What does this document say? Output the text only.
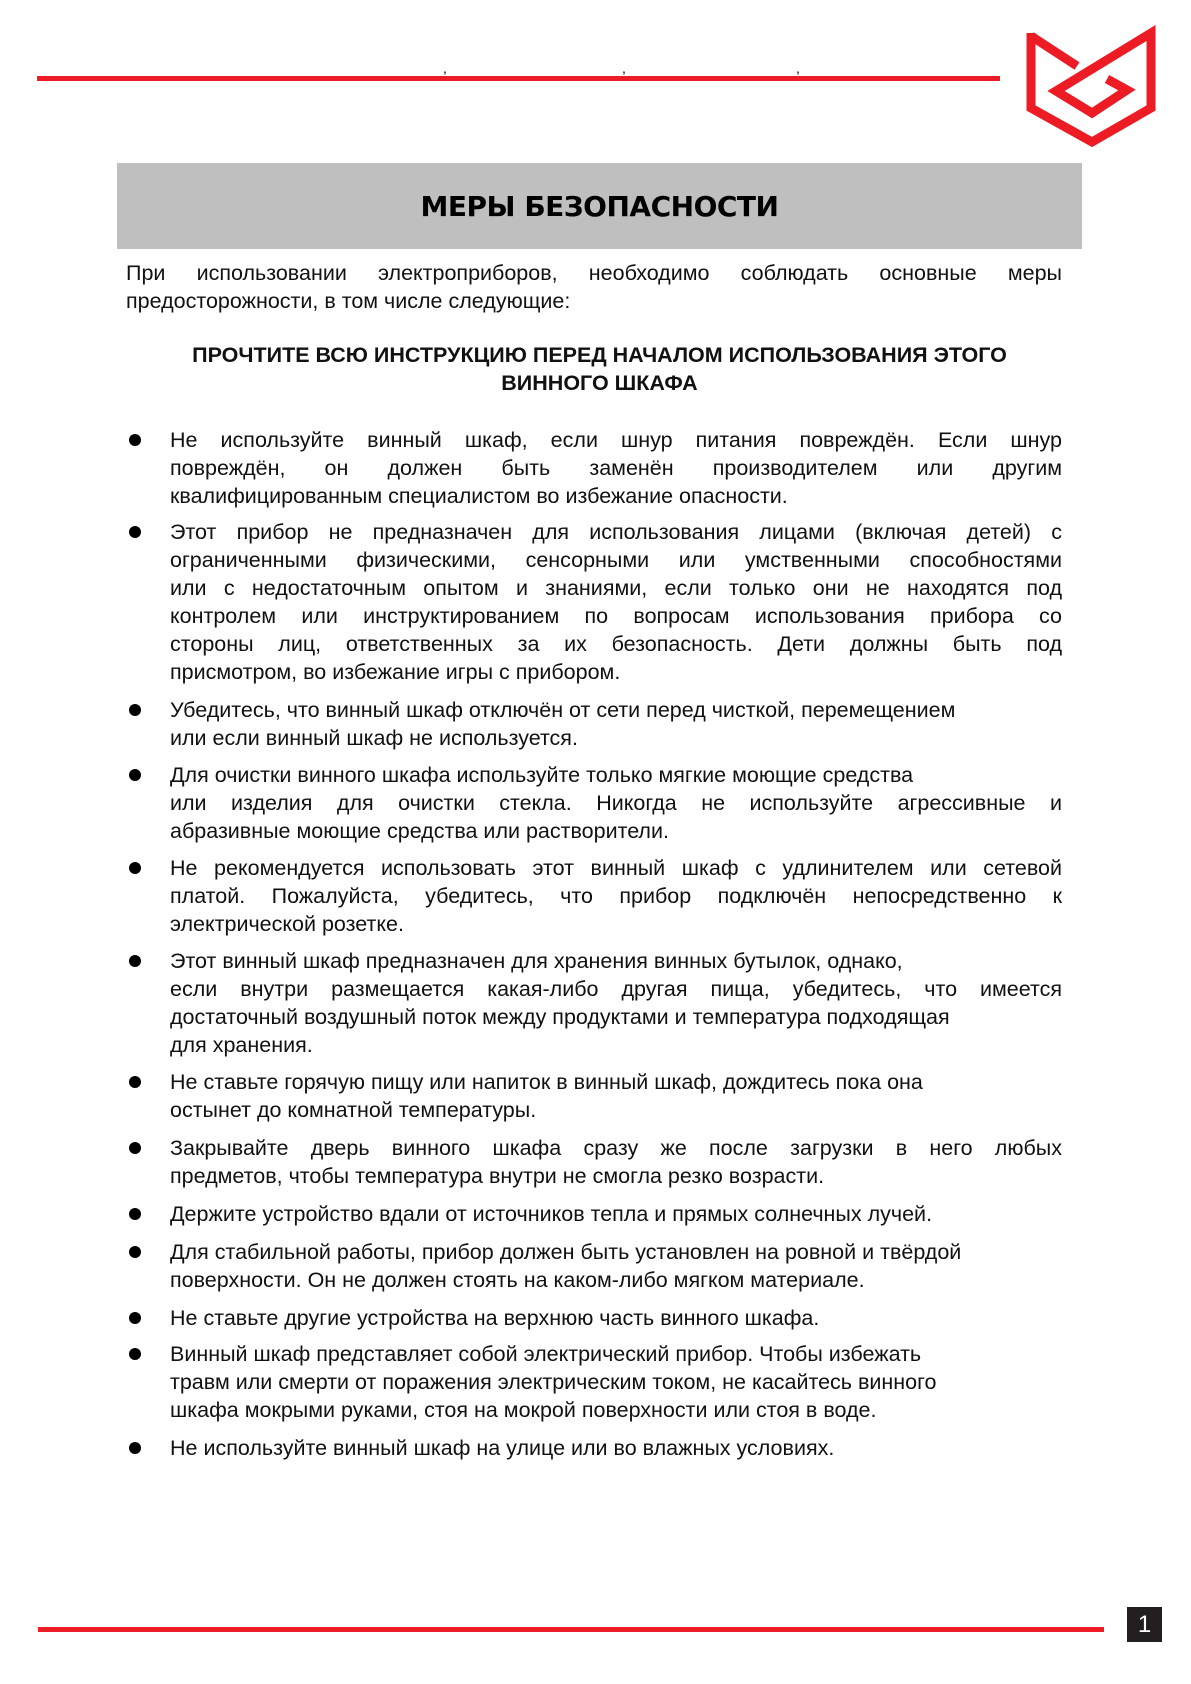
,	,	,
МЕРЫ БЕЗОПАСНОСТИ
При использовании электроприборов, необходимо соблюдать основные меры
предосторожности, в том числе следующие:
ПРОЧТИТЕ ВСЮ ИНСТРУКЦИЮ ПЕРЕД НАЧАЛОМ ИСПОЛЬЗОВАНИЯ ЭТОГО
ВИННОГО ШКАФА
Не используйте винный шкаф, если шнур питания повреждён. Если шнур
повреждён, он должен быть заменён производителем или другим
квалифицированным специалистом во избежание опасности.
Этот прибор не предназначен для использования лицами (включая детей) с
ограниченными физическими, сенсорными или умственными способностями
или с недостаточным опытом и знаниями, если только они не находятся под
контролем или инструктированием по вопросам использования прибора со
стороны лиц, ответственных за их безопасность. Дети должны быть под
присмотром, во избежание игры с прибором.
Убедитесь, что винный шкаф отключён от сети перед чисткой, перемещением
или если винный шкаф не используется.
Для очистки винного шкафа используйте только мягкие моющие средства
или изделия для очистки стекла. Никогда не используйте агрессивные и
абразивные моющие средства или растворители.
Не рекомендуется использовать этот винный шкаф с удлинителем или сетевой
платой. Пожалуйста, убедитесь, что прибор подключён непосредственно к
электрической розетке.
Этот винный шкаф предназначен для хранения винных бутылок, однако,
если внутри размещается какая-либо другая пища, убедитесь, что имеется
достаточный воздушный поток между продуктами и температура подходящая
для хранения.
Не ставьте горячую пищу или напиток в винный шкаф, дождитесь пока она
остынет до комнатной температуры.
Закрывайте дверь винного шкафа сразу же после загрузки в него любых
предметов, чтобы температура внутри не смогла резко возрасти.
Держите устройство вдали от источников тепла и прямых солнечных лучей.
Для стабильной работы, прибор должен быть установлен на ровной и твёрдой
поверхности. Он не должен стоять на каком-либо мягком материале.
Не ставьте другие устройства на верхнюю часть винного шкафа.
Винный шкаф представляет собой электрический прибор. Чтобы избежать
травм или смерти от поражения электрическим током, не касайтесь винного
шкафа мокрыми руками, стоя на мокрой поверхности или стоя в воде.
Не используйте винный шкаф на улице или во влажных условиях.
1
